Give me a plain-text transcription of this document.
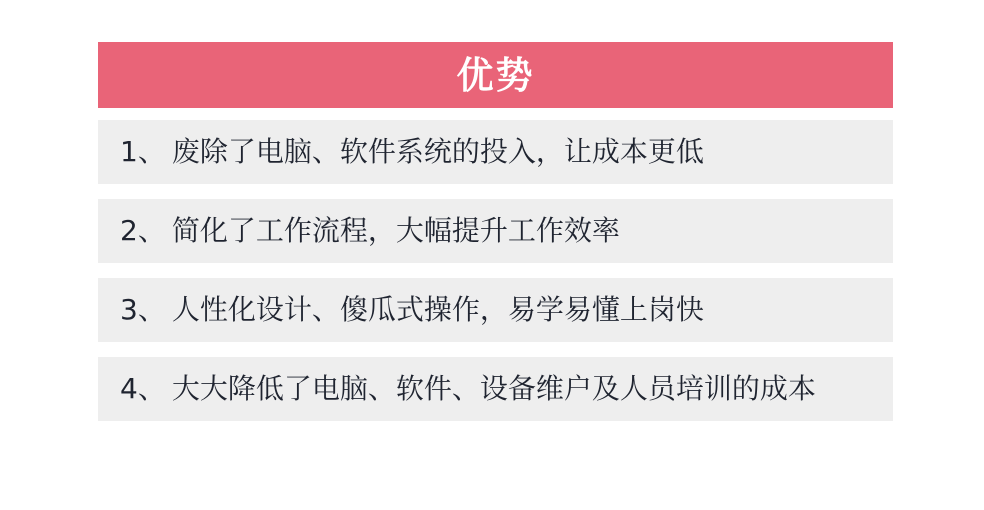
优势
1、 废除了电脑、软件系统的投入，让成本更低
2、 简化了工作流程，大幅提升工作效率
3、 人性化设计、傻瓜式操作，易学易懂上岗快
4、 大大降低了电脑、软件、设备维户及人员培训的成本
